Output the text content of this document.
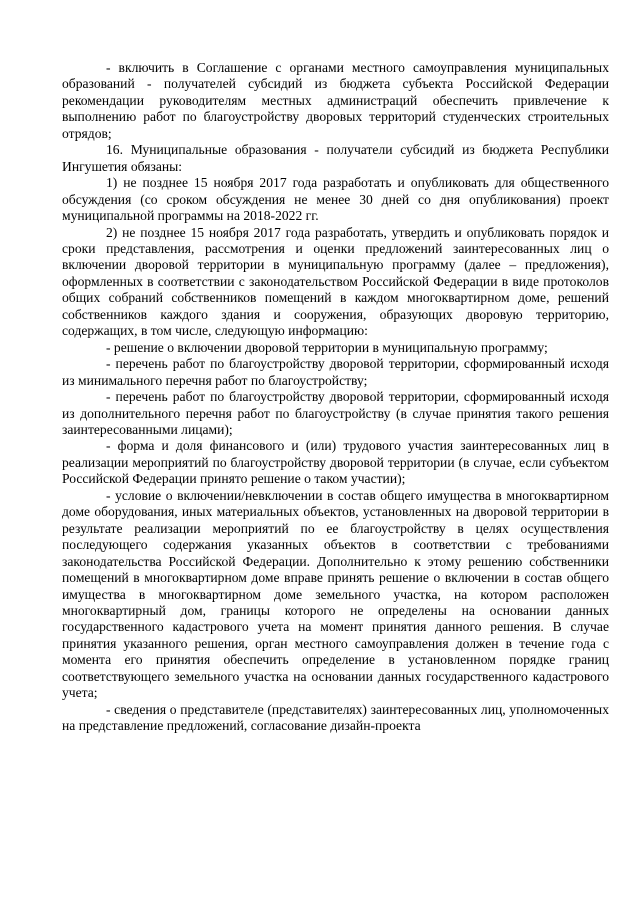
- включить в Соглашение с органами местного самоуправления муниципальных образований - получателей субсидий из бюджета субъекта Российской Федерации рекомендации руководителям местных администраций обеспечить привлечение к выполнению работ по благоустройству дворовых территорий студенческих строительных отрядов;

16. Муниципальные образования - получатели субсидий из бюджета Республики Ингушетия обязаны:

1) не позднее 15 ноября 2017 года разработать и опубликовать для общественного обсуждения (со сроком обсуждения не менее 30 дней со дня опубликования) проект муниципальной программы на 2018-2022 гг.

2) не позднее 15 ноября 2017 года разработать, утвердить и опубликовать порядок и сроки представления, рассмотрения и оценки предложений заинтересованных лиц о включении дворовой территории в муниципальную программу (далее – предложения), оформленных в соответствии с законодательством Российской Федерации в виде протоколов общих собраний собственников помещений в каждом многоквартирном доме, решений собственников каждого здания и сооружения, образующих дворовую территорию, содержащих, в том числе, следующую информацию:

- решение о включении дворовой территории в муниципальную программу;

- перечень работ по благоустройству дворовой территории, сформированный исходя из минимального перечня работ по благоустройству;

- перечень работ по благоустройству дворовой территории, сформированный исходя из дополнительного перечня работ по благоустройству (в случае принятия такого решения заинтересованными лицами);

- форма и доля финансового и (или) трудового участия заинтересованных лиц в реализации мероприятий по благоустройству дворовой территории (в случае, если субъектом Российской Федерации принято решение о таком участии);

- условие о включении/невключении в состав общего имущества в многоквартирном доме оборудования, иных материальных объектов, установленных на дворовой территории в результате реализации мероприятий по ее благоустройству в целях осуществления последующего содержания указанных объектов в соответствии с требованиями законодательства Российской Федерации. Дополнительно к этому решению собственники помещений в многоквартирном доме вправе принять решение о включении в состав общего имущества в многоквартирном доме земельного участка, на котором расположен многоквартирный дом, границы которого не определены на основании данных государственного кадастрового учета на момент принятия данного решения. В случае принятия указанного решения, орган местного самоуправления должен в течение года с момента его принятия обеспечить определение в установленном порядке границ соответствующего земельного участка на основании данных государственного кадастрового учета;

- сведения о представителе (представителях) заинтересованных лиц, уполномоченных на представление предложений, согласование дизайн-проекта
